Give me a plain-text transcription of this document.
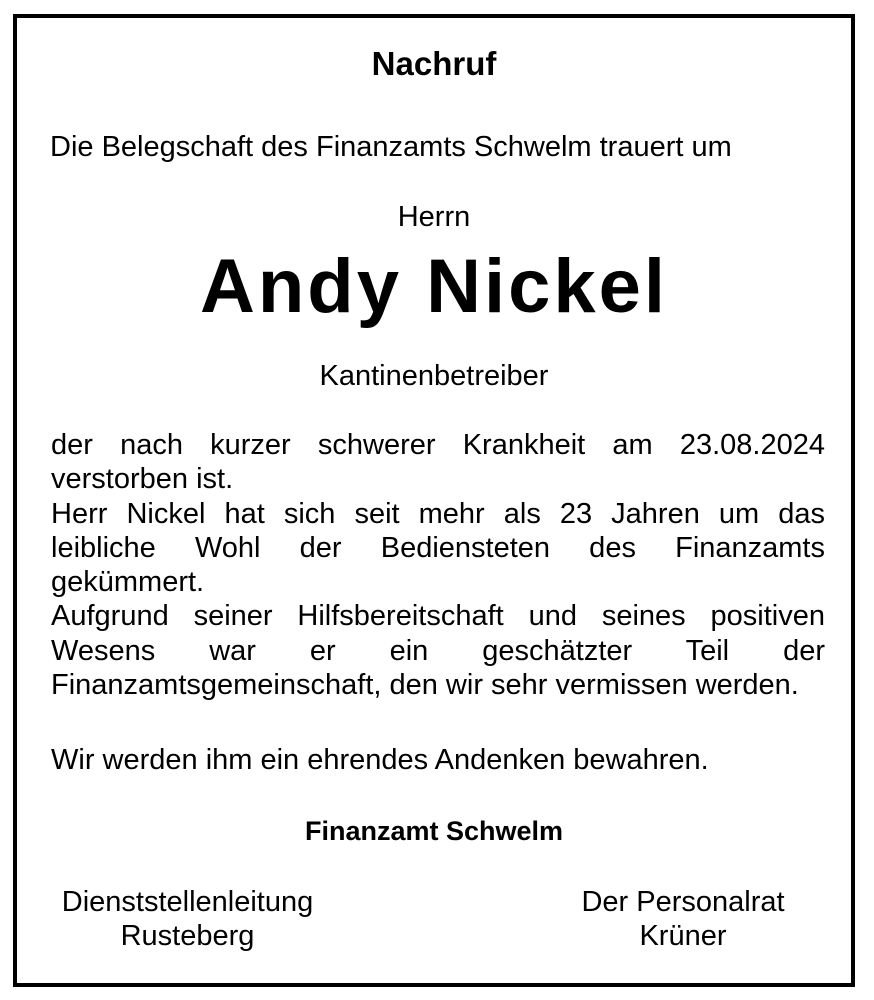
Nachruf
Die Belegschaft des Finanzamts Schwelm trauert um
Herrn
Andy Nickel
Kantinenbetreiber

der nach kurzer schwerer Krankheit am 23.08.2024 verstorben ist.

Herr Nickel hat sich seit mehr als 23 Jahren um das leibliche Wohl der Bediensteten des Finanzamts gekümmert.

Aufgrund seiner Hilfsbereitschaft und seines positiven Wesens war er ein geschätzter Teil der Finanzamtsgemeinschaft, den wir sehr vermissen werden.

Wir werden ihm ein ehrendes Andenken bewahren.
Finanzamt Schwelm
Dienststellenleitung
Rusteberg
Der Personalrat
Krüner
